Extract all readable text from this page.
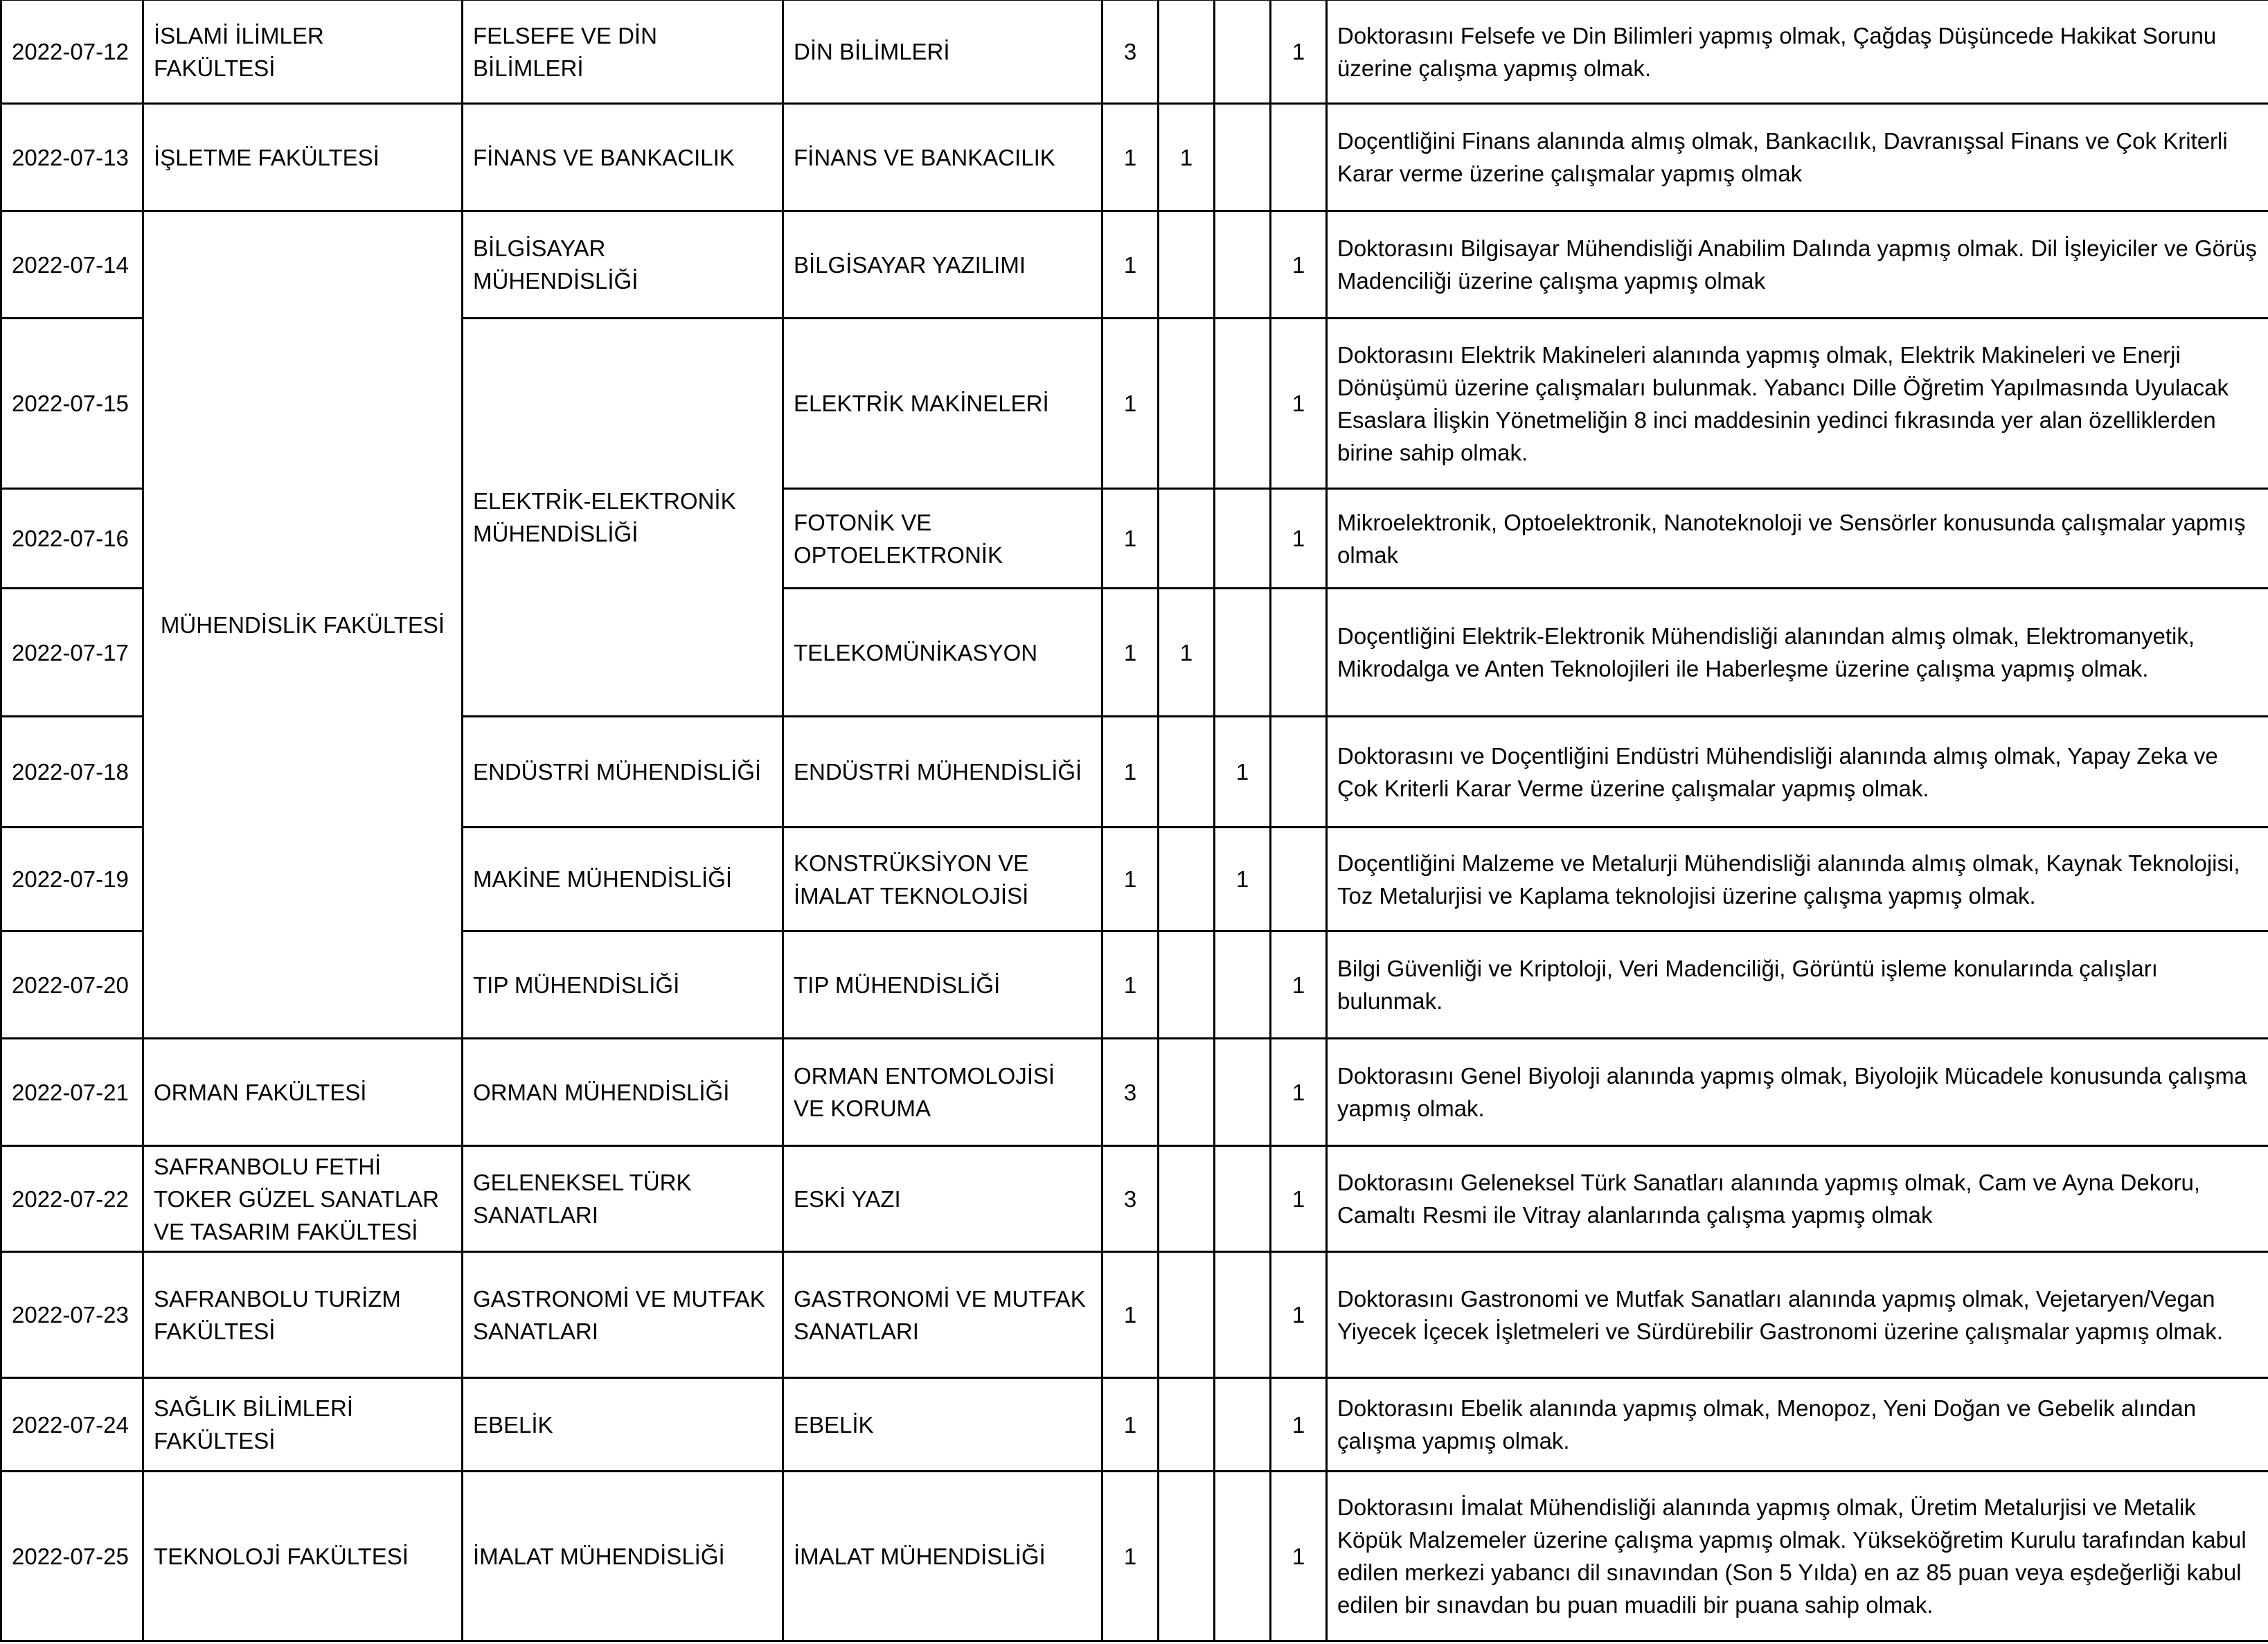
2022-07-12	İSLAMİ İLİMLER FAKÜLTESİ	FELSEFE VE DİN BİLİMLERİ	DİN BİLİMLERİ	3			1	Doktorasını Felsefe ve Din Bilimleri yapmış olmak, Çağdaş Düşüncede Hakikat Sorunu üzerine çalışma yapmış olmak.
2022-07-13	İŞLETME FAKÜLTESİ	FİNANS VE BANKACILIK	FİNANS VE BANKACILIK	1	1			Doçentliğini Finans alanında almış olmak, Bankacılık, Davranışsal Finans ve Çok Kriterli Karar verme üzerine çalışmalar yapmış olmak
2022-07-14	MÜHENDİSLİK FAKÜLTESİ	BİLGİSAYAR MÜHENDİSLİĞİ	BİLGİSAYAR YAZILIMI	1			1	Doktorasını Bilgisayar Mühendisliği Anabilim Dalında yapmış olmak. Dil İşleyiciler ve Görüş Madenciliği üzerine çalışma yapmış olmak
2022-07-15		ELEKTRİK-ELEKTRONİK MÜHENDİSLİĞİ	ELEKTRİK MAKİNELERİ	1			1	Doktorasını Elektrik Makineleri alanında yapmış olmak, Elektrik Makineleri ve Enerji Dönüşümü üzerine çalışmaları bulunmak. Yabancı Dille Öğretim Yapılmasında Uyulacak Esaslara İlişkin Yönetmeliğin 8 inci maddesinin yedinci fıkrasında yer alan özelliklerden birine sahip olmak.
2022-07-16			FOTONİK VE OPTOELEKTRONİK	1			1	Mikroelektronik, Optoelektronik, Nanoteknoloji ve Sensörler konusunda çalışmalar yapmış olmak
2022-07-17			TELEKOMÜNİKASYON	1	1			Doçentliğini Elektrik-Elektronik Mühendisliği alanından almış olmak, Elektromanyetik, Mikrodalga ve Anten Teknolojileri ile Haberleşme üzerine çalışma yapmış olmak.
2022-07-18		ENDÜSTRİ MÜHENDİSLİĞİ	ENDÜSTRİ MÜHENDİSLİĞİ	1		1		Doktorasını ve Doçentliğini Endüstri Mühendisliği alanında almış olmak, Yapay Zeka ve Çok Kriterli Karar Verme üzerine çalışmalar yapmış olmak.
2022-07-19		MAKİNE MÜHENDİSLİĞİ	KONSTRÜKSİYON VE İMALAT TEKNOLOJİSİ	1		1		Doçentliğini Malzeme ve Metalurji Mühendisliği alanında almış olmak, Kaynak Teknolojisi, Toz Metalurjisi ve Kaplama teknolojisi üzerine çalışma yapmış olmak.
2022-07-20		TIP MÜHENDİSLİĞİ	TIP MÜHENDİSLİĞİ	1			1	Bilgi Güvenliği ve Kriptoloji, Veri Madenciliği, Görüntü işleme konularında çalışları bulunmak.
2022-07-21	ORMAN FAKÜLTESİ	ORMAN MÜHENDİSLİĞİ	ORMAN ENTOMOLOJİSİ VE KORUMA	3			1	Doktorasını Genel Biyoloji alanında yapmış olmak, Biyolojik Mücadele konusunda çalışma yapmış olmak.
2022-07-22	SAFRANBOLU FETHİ TOKER GÜZEL SANATLAR VE TASARIM FAKÜLTESİ	GELENEKSEL TÜRK SANATLARI	ESKİ YAZI	3			1	Doktorasını Geleneksel Türk Sanatları alanında yapmış olmak, Cam ve Ayna Dekoru, Camaltı Resmi ile Vitray alanlarında çalışma yapmış olmak
2022-07-23	SAFRANBOLU TURİZM FAKÜLTESİ	GASTRONOMİ VE MUTFAK SANATLARI	GASTRONOMİ VE MUTFAK SANATLARI	1			1	Doktorasını Gastronomi ve Mutfak Sanatları alanında yapmış olmak, Vejetaryen/Vegan Yiyecek İçecek İşletmeleri ve Sürdürebilir Gastronomi üzerine çalışmalar yapmış olmak.
2022-07-24	SAĞLIK BİLİMLERİ FAKÜLTESİ	EBELİK	EBELİK	1			1	Doktorasını Ebelik alanında yapmış olmak, Menopoz, Yeni Doğan ve Gebelik alından çalışma yapmış olmak.
2022-07-25	TEKNOLOJİ FAKÜLTESİ	İMALAT MÜHENDİSLİĞİ	İMALAT MÜHENDİSLİĞİ	1			1	Doktorasını İmalat Mühendisliği alanında yapmış olmak, Üretim Metalurjisi ve Metalik Köpük Malzemeler üzerine çalışma yapmış olmak. Yükseköğretim Kurulu tarafından kabul edilen merkezi yabancı dil sınavından (Son 5 Yılda) en az 85 puan veya eşdeğerliği kabul edilen bir sınavdan bu puan muadili bir puana sahip olmak.
